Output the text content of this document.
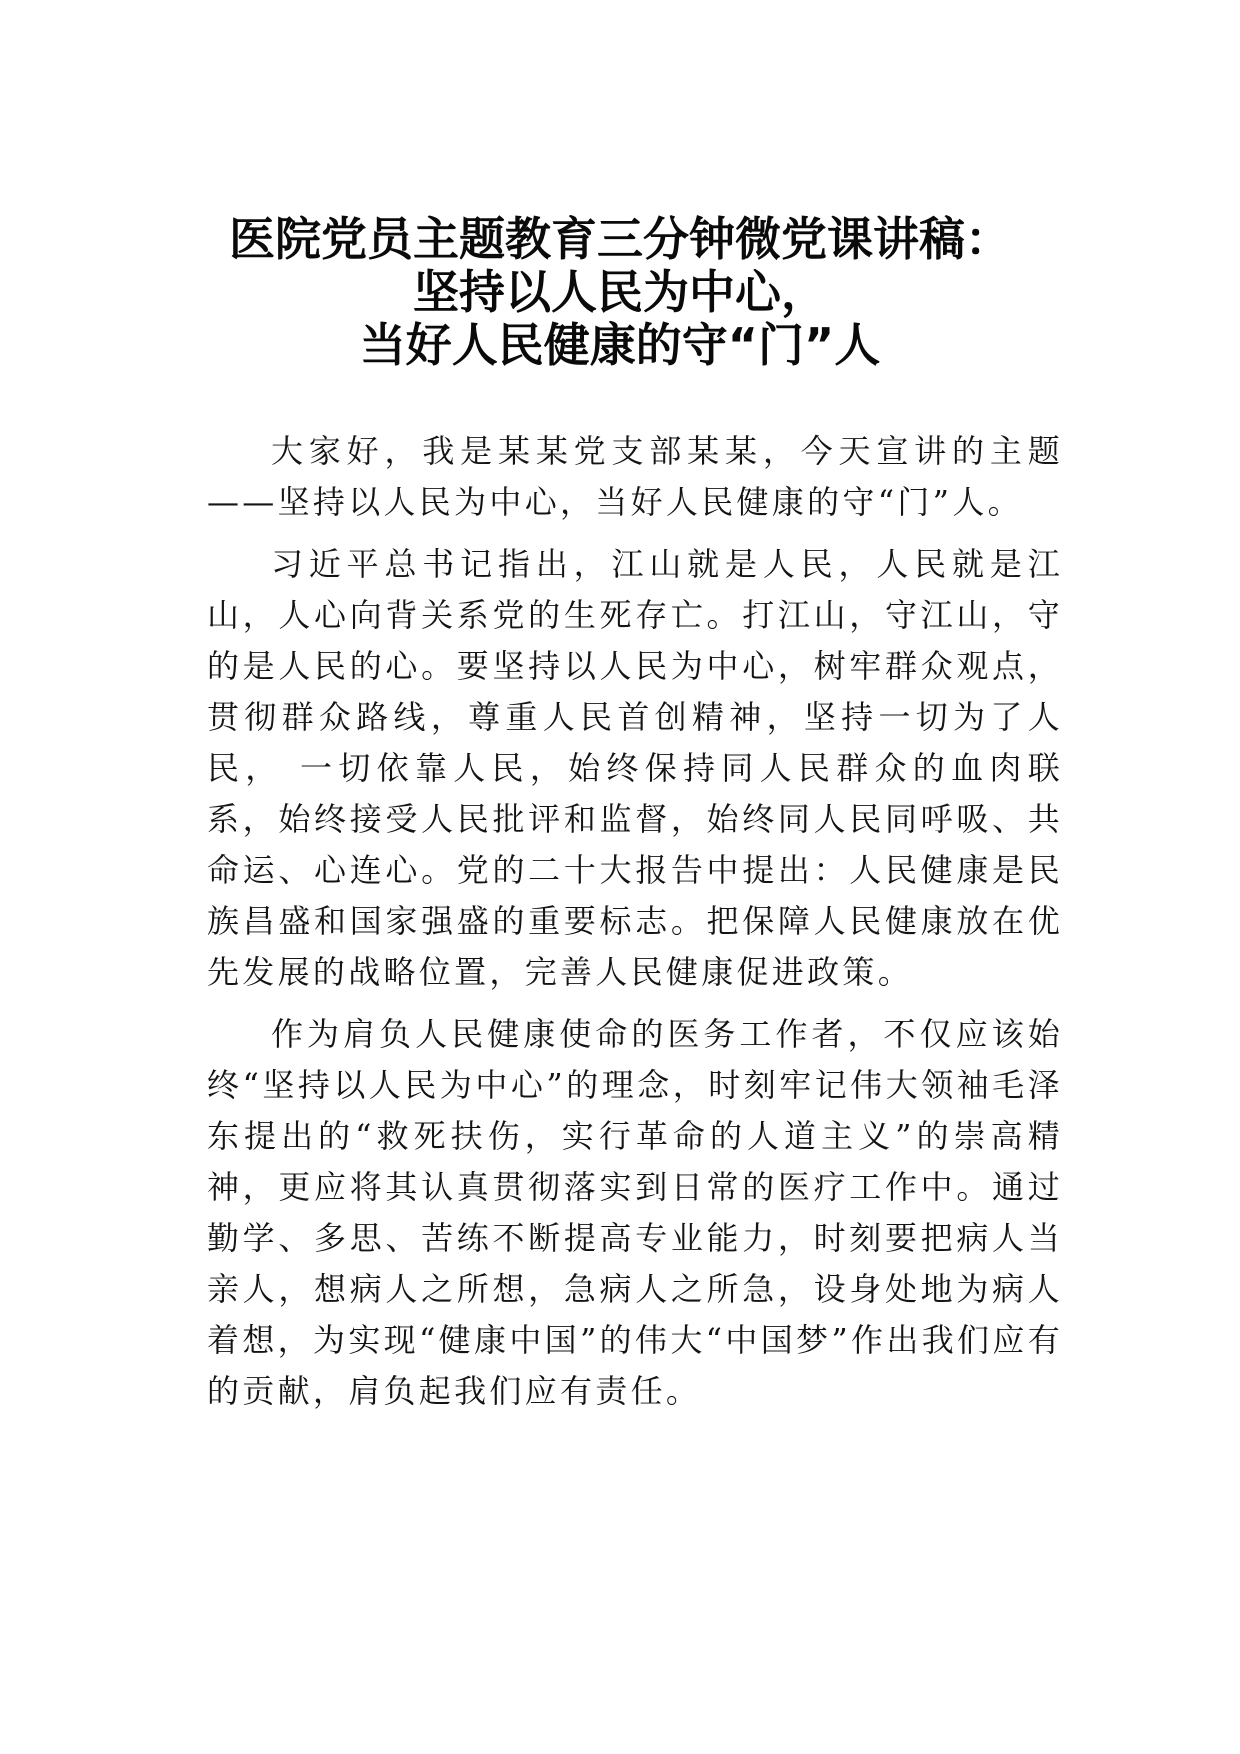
医院党员主题教育三分钟微党课讲稿：
坚持以人民为中心，
当好人民健康的守“门”人

大家好，我是某某党支部某某，今天宣讲的主题——坚持以人民为中心，当好人民健康的守“门”人。

习近平总书记指出，江山就是人民，人民就是江山，人心向背关系党的生死存亡。打江山，守江山，守的是人民的心。要坚持以人民为中心，树牢群众观点，贯彻群众路线，尊重人民首创精神，坚持一切为了人民， 一切依靠人民，始终保持同人民群众的血肉联系，始终接受人民批评和监督，始终同人民同呼吸、共命运、心连心。党的二十大报告中提出：人民健康是民族昌盛和国家强盛的重要标志。把保障人民健康放在优先发展的战略位置，完善人民健康促进政策。

作为肩负人民健康使命的医务工作者，不仅应该始终“坚持以人民为中心”的理念，时刻牢记伟大领袖毛泽东提出的“救死扶伤，实行革命的人道主义”的崇高精神，更应将其认真贯彻落实到日常的医疗工作中。通过勤学、多思、苦练不断提高专业能力，时刻要把病人当亲人，想病人之所想，急病人之所急，设身处地为病人着想，为实现“健康中国”的伟大“中国梦”作出我们应有的贡献，肩负起我们应有责任。
